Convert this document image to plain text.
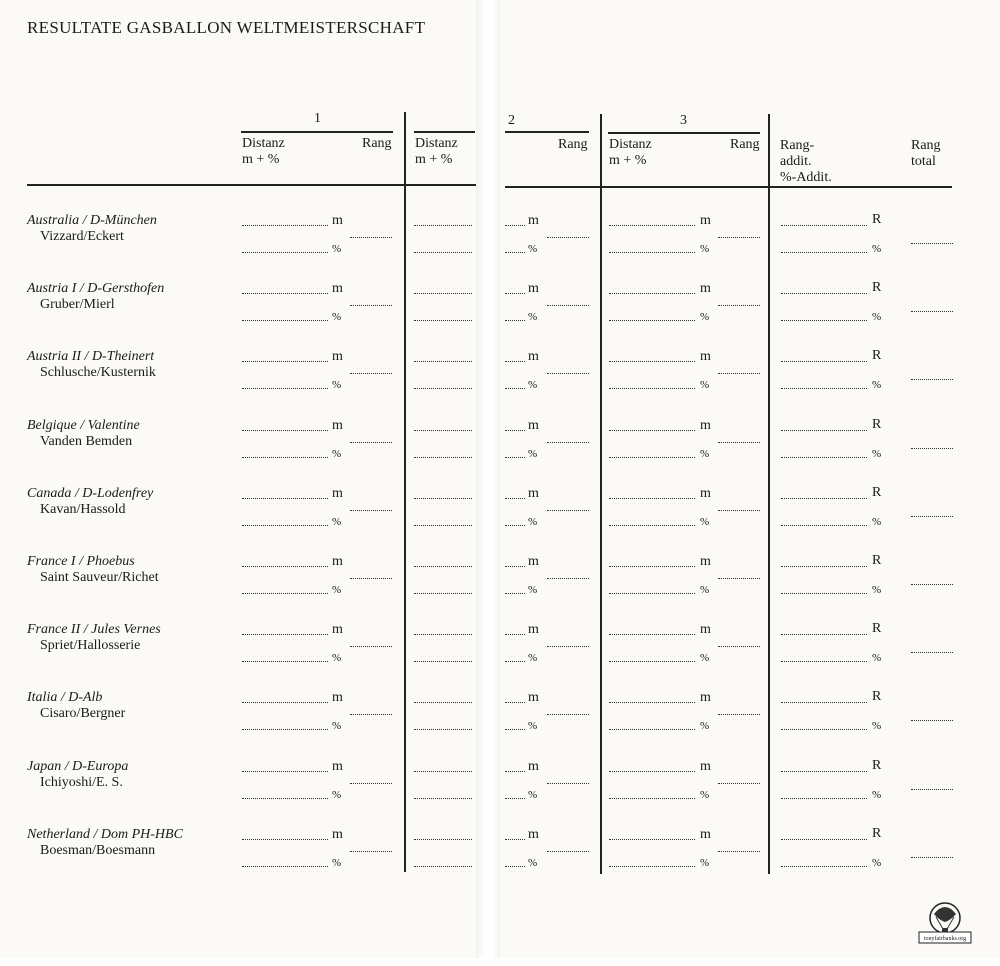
RESULTATE GASBALLON WELTMEISTERSCHAFT
1
Distanz
m + %
Rang Distanz
m + %
2
Rang
3
Distanz
m + %
Rang Rang-
addit.
%-Addit.
Rang
total
Australia / D-München
Vizzard/Eckert
m
%
m
%
m
%
R
%
Austria I / D-Gersthofen
Gruber/Mierl
m
%
m
%
m
%
R
%
Austria II / D-Theinert
Schlusche/Kusternik
m
%
m
%
m
%
R
%
Belgique / Valentine
Vanden Bemden
m
%
m
%
m
%
R
%
Canada / D-Lodenfrey
Kavan/Hassold
m
%
m
%
m
%
R
%
France I / Phoebus
Saint Sauveur/Richet
m
%
m
%
m
%
R
%
France II / Jules Vernes
Spriet/Hallosserie
m
%
m
%
m
%
R
%
Italia / D-Alb
Cisaro/Bergner
m
%
m
%
m
%
R
%
Japan / D-Europa
Ichiyoshi/E. S.
m
%
m
%
m
%
R
%
Netherland / Dom PH-HBC
Boesman/Boesmann
m
%
m
%
m
%
R
%
tonyfairbanks.org
